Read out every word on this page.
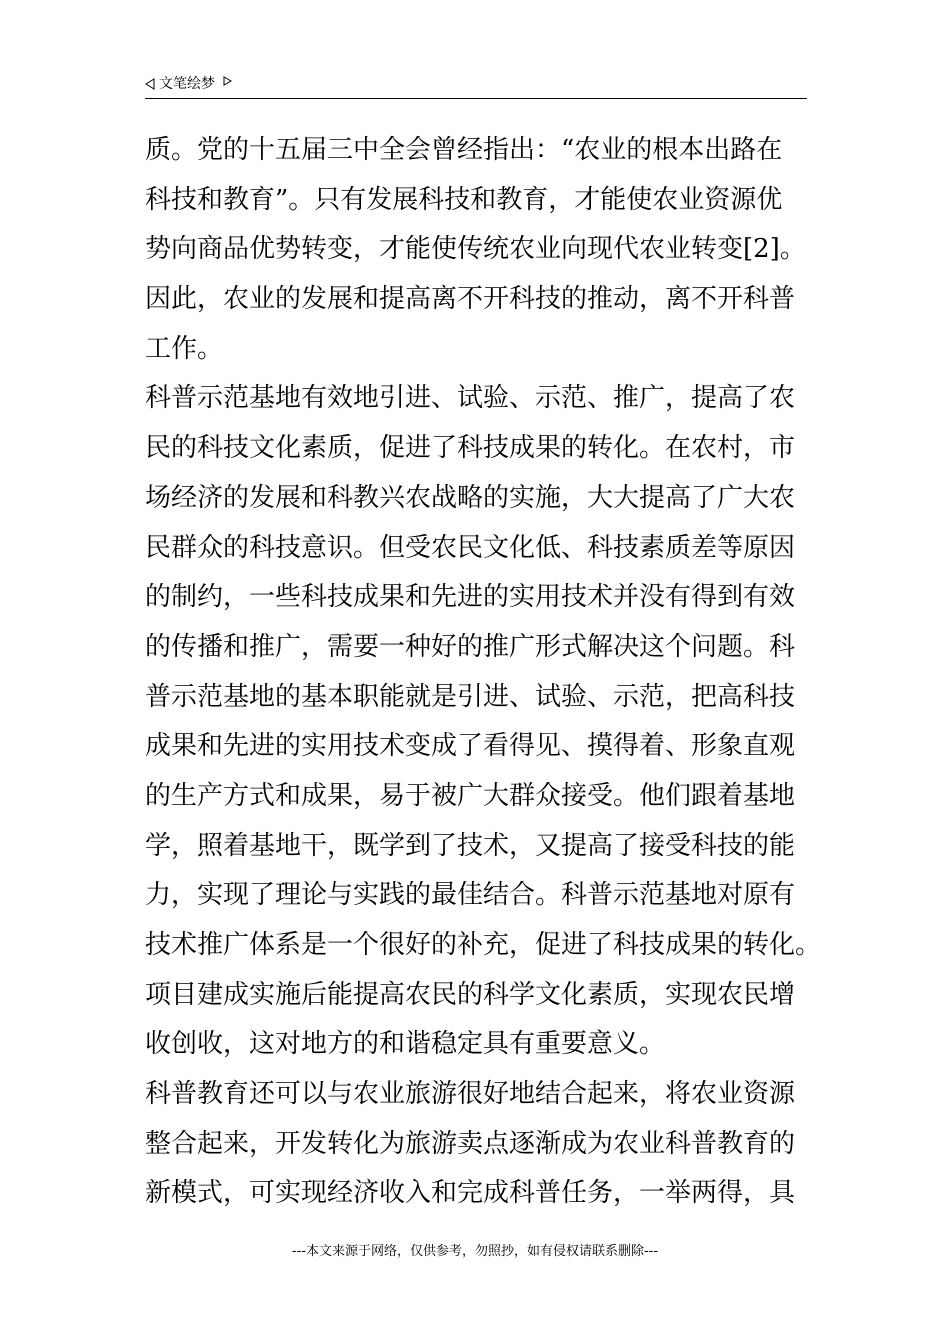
文笔绘梦
质。党的十五届三中全会曾经指出：“农业的根本出路在
科技和教育”。只有发展科技和教育，才能使农业资源优
势向商品优势转变，才能使传统农业向现代农业转变[2]。
因此，农业的发展和提高离不开科技的推动，离不开科普
工作。
科普示范基地有效地引进、试验、示范、推广，提高了农
民的科技文化素质，促进了科技成果的转化。在农村，市
场经济的发展和科教兴农战略的实施，大大提高了广大农
民群众的科技意识。但受农民文化低、科技素质差等原因
的制约，一些科技成果和先进的实用技术并没有得到有效
的传播和推广，需要一种好的推广形式解决这个问题。科
普示范基地的基本职能就是引进、试验、示范，把高科技
成果和先进的实用技术变成了看得见、摸得着、形象直观
的生产方式和成果，易于被广大群众接受。他们跟着基地
学，照着基地干，既学到了技术，又提高了接受科技的能
力，实现了理论与实践的最佳结合。科普示范基地对原有
技术推广体系是一个很好的补充，促进了科技成果的转化。
项目建成实施后能提高农民的科学文化素质，实现农民增
收创收，这对地方的和谐稳定具有重要意义。
科普教育还可以与农业旅游很好地结合起来，将农业资源
整合起来，开发转化为旅游卖点逐渐成为农业科普教育的
新模式，可实现经济收入和完成科普任务，一举两得，具
---本文来源于网络，仅供参考，勿照抄，如有侵权请联系删除---
